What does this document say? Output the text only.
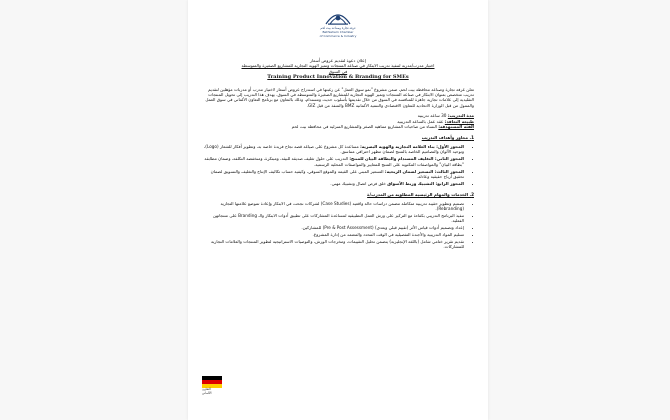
غرفة تجارة وصناعة بيت لحم
Bethlehem Chamber
of Commerce & Industry
إعلان دعوة لتقديم عروض أسعار
اختيار مدرب/مدربة لتنفيذ تدريب الابتكار في صناعة المنتجات وتميز الهوية التجارية للمشاريع الصغيرة والمتوسطة
في السوق
Training Product Innovation & Branding for SMEs
تعلن غرفة تجارة وصناعة محافظة بيت لحم، ضمن مشروع "نمو سوق العمل" عن رغبتها في استدراج عروض أسعار لاختيار مدرب أو مدربات مؤهلين لتقديم تدريب متخصص بعنوان الابتكار في صناعة المنتجات وتميز الهوية التجارية للمشاريع الصغيرة والمتوسطة في السوق. يهدف هذا التدريب إلى تحويل المنتجات التقليدية إلى علامات تجارية جاهزة للمنافسة في السوق من خلال تقديمها بأسلوب حديث ومستدام، وذلك بالتعاون مع برنامج التعاون الألماني في سوق العمل والممول من قبل الوزارة الاتحادية للتعاون الاقتصادي والتنمية الألمانية BMZ والمنفذ من قبل GIZ.
مدة التدريب: 30 ساعة تدريبية
طبيعة التعاقد: عقد عمل بالساعة التدريبية
الفئة المستهدفة: النساء من صاحبات المشاريع متناهية الصغر والمشاريع المنزلية في محافظة بيت لحم
1. محاور وأهداف التدريب
• المحور الأول: بناء العلامة التجارية والهوية البصرية: مساعدة كل مشروع على صياغة قصة نجاح فريدة خاصة به، وتطوير أفكار للشعار (Logo)، وتوحيد الألوان والتصاميم الخاصة بالمنتج لضمان مظهر احترافي متناسق.
• المحور الثاني: التغليف المستدام والبطاقة البيان للمنتج: التدريب على حلول تغليف صديقة للبيئة، ومبتكرة، ومنخفضة التكلفة، وضمان مطابقة "بطاقة البيان" والمواصفات المكتوبة على المنتج للمعايير والمواصفات المحلية الرسمية.
• المحور الثالث: التسعير لضمان الربحية: التسعير المبني على القيمة والموقع السوقي، وكيفية حساب تكاليف الإنتاج والتغليف والتسويق لضمان تحقيق أرباح حقيقية وعادلة.
• المحور الرابع: التشبيك وربط الأسواق خلق فرص اتصال وتشبيك مهني.
2. الخدمات والمهام الرئيسية المطلوبة من المدرب/ة
• تصميم وتطوير حقيبة تدريبية متكاملة تتضمن دراسات حالة واقعية (Case Studies) لشركات نجحت في الابتكار وإعادة تموضع علامتها التجارية (Rebranding).
• تنفيذ البرنامج التدريبي بكفاءة مع التركيز على ورش العمل التطبيقية لمساعدة المشاركات على تطبيق أدوات الابتكار والـ Branding على منتجاتهن الفعلية.
• إعداد وتصميم أدوات قياس الأثر (تقييم قبلي وبعدي) (Pre & Post Assessment) للمشاركين.
• تسليم المواد التدريبية والأجندة التفصيلية في الوقت المحدد والمعتمد من إدارة المشروع.
• تقديم تقرير ختامي شامل (باللغة الإنجليزية) يتضمن تحليل التقييمات، ومخرجات الورش، والتوصيات الاستراتيجية لتطوير المنتجات والعلامات التجارية للمشاركات.
التعاون
الألماني
